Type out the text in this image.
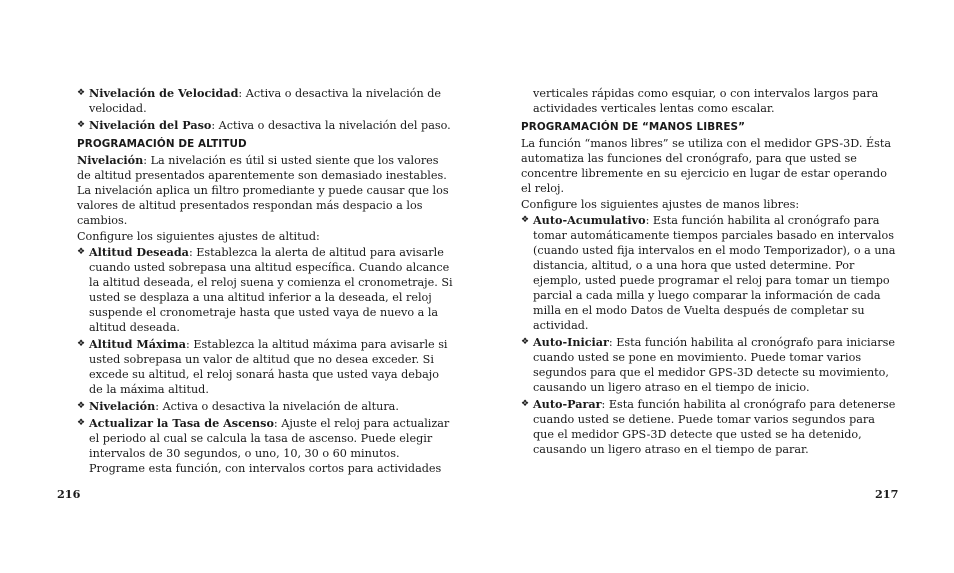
❖ Nivelación de Velocidad: Activa o desactiva la nivelación de velocidad.
❖ Nivelación del Paso: Activa o desactiva la nivelación del paso.
PROGRAMACIÓN DE ALTITUD

Nivelación: La nivelación es útil si usted siente que los valores de altitud presentados aparentemente son demasiado inestables. La nivelación aplica un filtro promediante y puede causar que los valores de altitud presentados respondan más despacio a los cambios.

Configure los siguientes ajustes de altitud:

❖ Altitud Deseada: Establezca la alerta de altitud para avisarle cuando usted sobrepasa una altitud específica. Cuando alcance la altitud deseada, el reloj suena y comienza el cronometraje. Si usted se desplaza a una altitud inferior a la deseada, el reloj suspende el cronometraje hasta que usted vaya de nuevo a la altitud deseada.
❖ Altitud Máxima: Establezca la altitud máxima para avisarle si usted sobrepasa un valor de altitud que no desea exceder. Si excede su altitud, el reloj sonará hasta que usted vaya debajo de la máxima altitud.
❖ Nivelación: Activa o desactiva la nivelación de altura.
❖ Actualizar la Tasa de Ascenso: Ajuste el reloj para actualizar el periodo al cual se calcula la tasa de ascenso. Puede elegir intervalos de 30 segundos, o uno, 10, 30 o 60 minutos. Programe esta función, con intervalos cortos para actividades
verticales rápidas como esquiar, o con intervalos largos para actividades verticales lentas como escalar.
PROGRAMACIÓN DE “MANOS LIBRES”

La función “manos libres” se utiliza con el medidor GPS-3D. Ésta automatiza las funciones del cronógrafo, para que usted se concentre libremente en su ejercicio en lugar de estar operando el reloj.

Configure los siguientes ajustes de manos libres:

❖ Auto-Acumulativo: Esta función habilita al cronógrafo para tomar automáticamente tiempos parciales basado en intervalos (cuando usted fija intervalos en el modo Temporizador), o a una distancia, altitud, o a una hora que usted determine. Por ejemplo, usted puede programar el reloj para tomar un tiempo parcial a cada milla y luego comparar la información de cada milla en el modo Datos de Vuelta después de completar su actividad.
❖ Auto-Iniciar: Esta función habilita al cronógrafo para iniciarse cuando usted se pone en movimiento. Puede tomar varios segundos para que el medidor GPS-3D detecte su movimiento, causando un ligero atraso en el tiempo de inicio.
❖ Auto-Parar: Esta función habilita al cronógrafo para detenerse cuando usted se detiene. Puede tomar varios segundos para que el medidor GPS-3D detecte que usted se ha detenido, causando un ligero atraso en el tiempo de parar.
216	217
